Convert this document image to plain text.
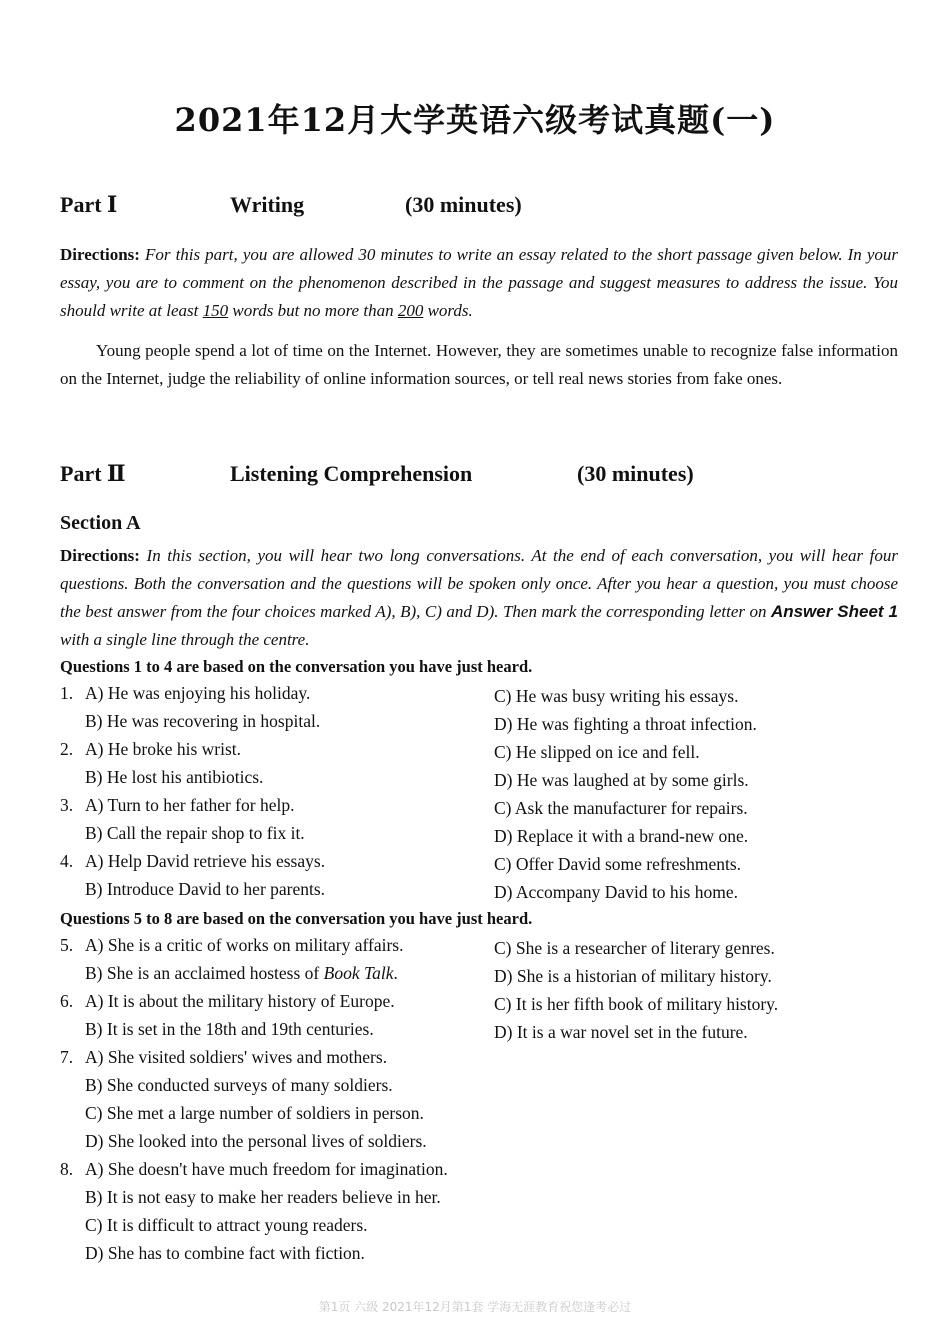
2021年12月大学英语六级考试真题(一)
Part Ⅰ	Writing	(30 minutes)
Directions: For this part, you are allowed 30 minutes to write an essay related to the short passage given below. In your essay, you are to comment on the phenomenon described in the passage and suggest measures to address the issue. You should write at least 150 words but no more than 200 words.
Young people spend a lot of time on the Internet. However, they are sometimes unable to recognize false information on the Internet, judge the reliability of online information sources, or tell real news stories from fake ones.
Part Ⅱ	Listening Comprehension	(30 minutes)
Section A
Directions: In this section, you will hear two long conversations. At the end of each conversation, you will hear four questions. Both the conversation and the questions will be spoken only once. After you hear a question, you must choose the best answer from the four choices marked A), B), C) and D). Then mark the corresponding letter on Answer Sheet 1 with a single line through the centre.
Questions 1 to 4 are based on the conversation you have just heard.
1. A) He was enjoying his holiday.
B) He was recovering in hospital.
C) He was busy writing his essays.
D) He was fighting a throat infection.
2. A) He broke his wrist.
B) He lost his antibiotics.
C) He slipped on ice and fell.
D) He was laughed at by some girls.
3. A) Turn to her father for help.
B) Call the repair shop to fix it.
C) Ask the manufacturer for repairs.
D) Replace it with a brand-new one.
4. A) Help David retrieve his essays.
B) Introduce David to her parents.
C) Offer David some refreshments.
D) Accompany David to his home.
Questions 5 to 8 are based on the conversation you have just heard.
5. A) She is a critic of works on military affairs.
B) She is an acclaimed hostess of Book Talk.
C) She is a researcher of literary genres.
D) She is a historian of military history.
6. A) It is about the military history of Europe.
B) It is set in the 18th and 19th centuries.
C) It is her fifth book of military history.
D) It is a war novel set in the future.
7. A) She visited soldiers' wives and mothers.
B) She conducted surveys of many soldiers.
C) She met a large number of soldiers in person.
D) She looked into the personal lives of soldiers.
8. A) She doesn't have much freedom for imagination.
B) It is not easy to make her readers believe in her.
C) It is difficult to attract young readers.
D) She has to combine fact with fiction.
第1页 六级 2021年12月第1套 学海无涯教育祝您逢考必过
